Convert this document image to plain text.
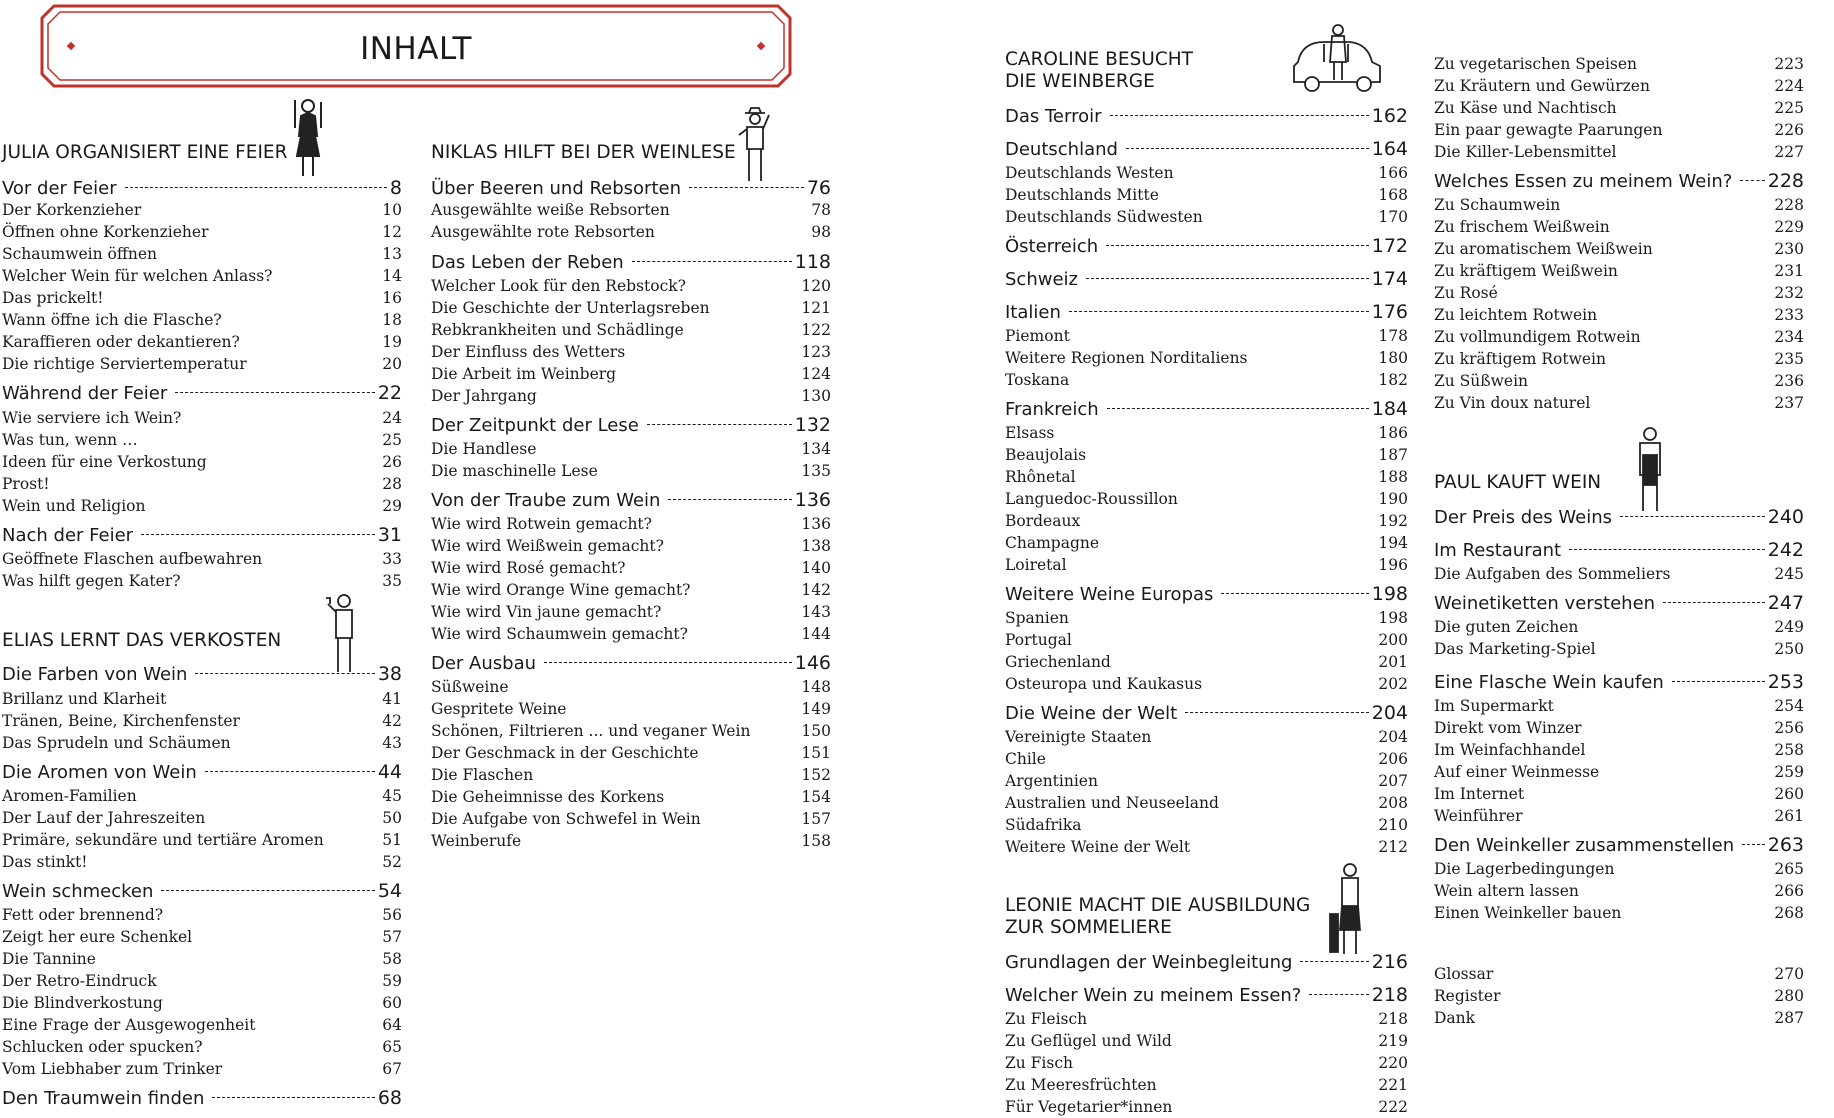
INHALT
JULIA ORGANISIERT EINE FEIER
Vor der Feier	8
Der Korkenzieher	10
Öffnen ohne Korkenzieher	12
Schaumwein öffnen	13
Welcher Wein für welchen Anlass?	14
Das prickelt!	16
Wann öffne ich die Flasche?	18
Karaffieren oder dekantieren?	19
Die richtige Serviertemperatur	20
Während der Feier	22
Wie serviere ich Wein?	24
Was tun, wenn …	25
Ideen für eine Verkostung	26
Prost!	28
Wein und Religion	29
Nach der Feier	31
Geöffnete Flaschen aufbewahren	33
Was hilft gegen Kater?	35
ELIAS LERNT DAS VERKOSTEN
Die Farben von Wein	38
Brillanz und Klarheit	41
Tränen, Beine, Kirchenfenster	42
Das Sprudeln und Schäumen	43
Die Aromen von Wein	44
Aromen-Familien	45
Der Lauf der Jahreszeiten	50
Primäre, sekundäre und tertiäre Aromen	51
Das stinkt!	52
Wein schmecken	54
Fett oder brennend?	56
Zeigt her eure Schenkel	57
Die Tannine	58
Der Retro-Eindruck	59
Die Blindverkostung	60
Eine Frage der Ausgewogenheit	64
Schlucken oder spucken?	65
Vom Liebhaber zum Trinker	67
Den Traumwein finden	68
NIKLAS HILFT BEI DER WEINLESE
Über Beeren und Rebsorten	76
Ausgewählte weiße Rebsorten	78
Ausgewählte rote Rebsorten	98
Das Leben der Reben	118
Welcher Look für den Rebstock?	120
Die Geschichte der Unterlagsreben	121
Rebkrankheiten und Schädlinge	122
Der Einfluss des Wetters	123
Die Arbeit im Weinberg	124
Der Jahrgang	130
Der Zeitpunkt der Lese	132
Die Handlese	134
Die maschinelle Lese	135
Von der Traube zum Wein	136
Wie wird Rotwein gemacht?	136
Wie wird Weißwein gemacht?	138
Wie wird Rosé gemacht?	140
Wie wird Orange Wine gemacht?	142
Wie wird Vin jaune gemacht?	143
Wie wird Schaumwein gemacht?	144
Der Ausbau	146
Süßweine	148
Gespritete Weine	149
Schönen, Filtrieren ... und veganer Wein	150
Der Geschmack in der Geschichte	151
Die Flaschen	152
Die Geheimnisse des Korkens	154
Die Aufgabe von Schwefel in Wein	157
Weinberufe	158
CAROLINE BESUCHT
DIE WEINBERGE
Das Terroir	162
Deutschland	164
Deutschlands Westen	166
Deutschlands Mitte	168
Deutschlands Südwesten	170
Österreich	172
Schweiz	174
Italien	176
Piemont	178
Weitere Regionen Norditaliens	180
Toskana	182
Frankreich	184
Elsass	186
Beaujolais	187
Rhônetal	188
Languedoc-Roussillon	190
Bordeaux	192
Champagne	194
Loiretal	196
Weitere Weine Europas	198
Spanien	198
Portugal	200
Griechenland	201
Osteuropa und Kaukasus	202
Die Weine der Welt	204
Vereinigte Staaten	204
Chile	206
Argentinien	207
Australien und Neuseeland	208
Südafrika	210
Weitere Weine der Welt	212
LEONIE MACHT DIE AUSBILDUNG
ZUR SOMMELIERE
Grundlagen der Weinbegleitung	216
Welcher Wein zu meinem Essen?	218
Zu Fleisch	218
Zu Geflügel und Wild	219
Zu Fisch	220
Zu Meeresfrüchten	221
Für Vegetarier*innen	222
Zu vegetarischen Speisen	223
Zu Kräutern und Gewürzen	224
Zu Käse und Nachtisch	225
Ein paar gewagte Paarungen	226
Die Killer-Lebensmittel	227
Welches Essen zu meinem Wein? 228
Zu Schaumwein	228
Zu frischem Weißwein	229
Zu aromatischem Weißwein	230
Zu kräftigem Weißwein	231
Zu Rosé	232
Zu leichtem Rotwein	233
Zu vollmundigem Rotwein	234
Zu kräftigem Rotwein	235
Zu Süßwein	236
Zu Vin doux naturel	237
PAUL KAUFT WEIN
Der Preis des Weins	240
Im Restaurant	242
Die Aufgaben des Sommeliers	245
Weinetiketten verstehen	247
Die guten Zeichen	249
Das Marketing-Spiel	250
Eine Flasche Wein kaufen	253
Im Supermarkt	254
Direkt vom Winzer	256
Im Weinfachhandel	258
Auf einer Weinmesse	259
Im Internet	260
Weinführer	261
Den Weinkeller zusammenstellen 263
Die Lagerbedingungen	265
Wein altern lassen	266
Einen Weinkeller bauen	268
Glossar	270
Register	280
Dank	287
